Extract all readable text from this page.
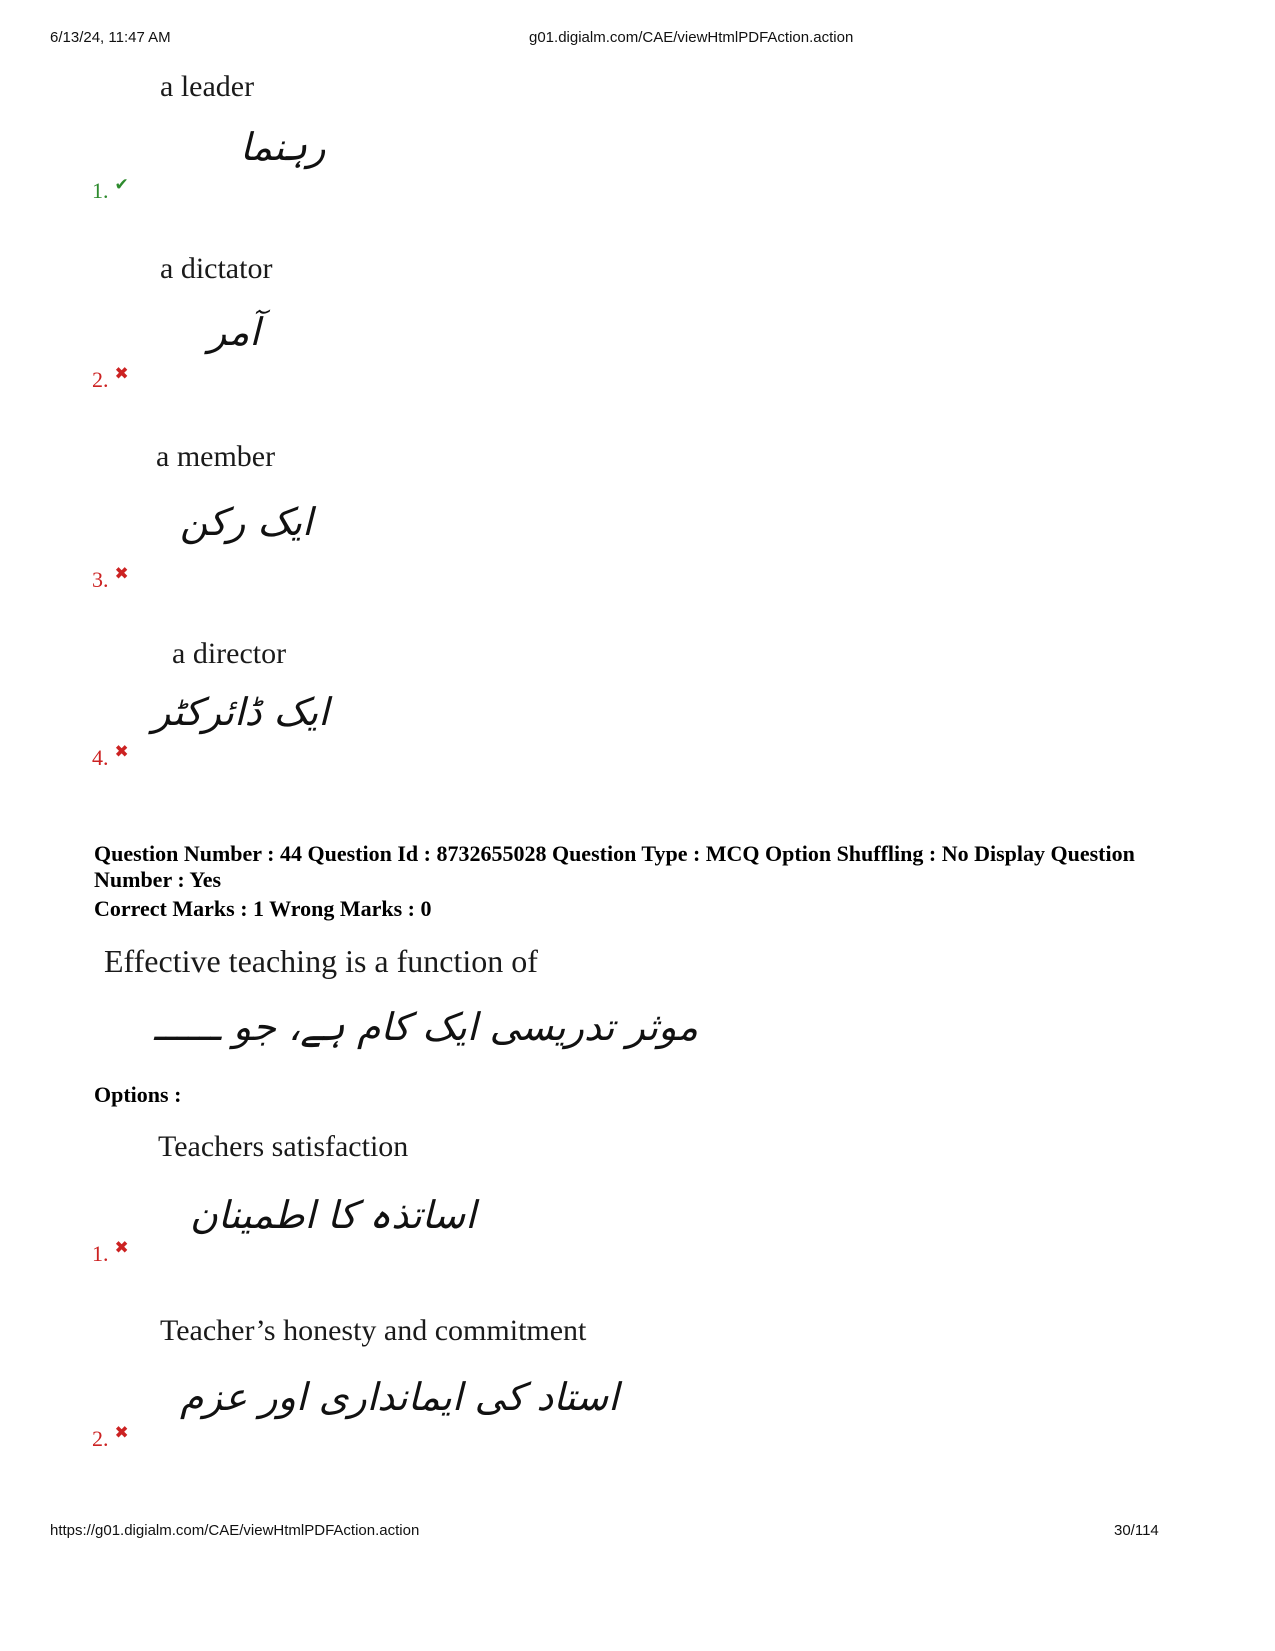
6/13/24, 11:47 AM	g01.digialm.com/CAE/viewHtmlPDFAction.action
a leader
رہنما
1. ✔
a dictator
آمر
2. ✖
a member
ایک رکن
3. ✖
a director
ایک ڈائرکٹر
4. ✖
Question Number : 44 Question Id : 8732655028 Question Type : MCQ Option Shuffling : No Display Question Number : Yes
Correct Marks : 1 Wrong Marks : 0
Effective teaching is a function of
موثر تدریسی ایک کام ہے، جو ــــــ
Options :
Teachers satisfaction
اساتذہ کا اطمینان
1. ✖
Teacher’s honesty and commitment
استاد کی ایمانداری اور عزم
2. ✖
https://g01.digialm.com/CAE/viewHtmlPDFAction.action	30/114
